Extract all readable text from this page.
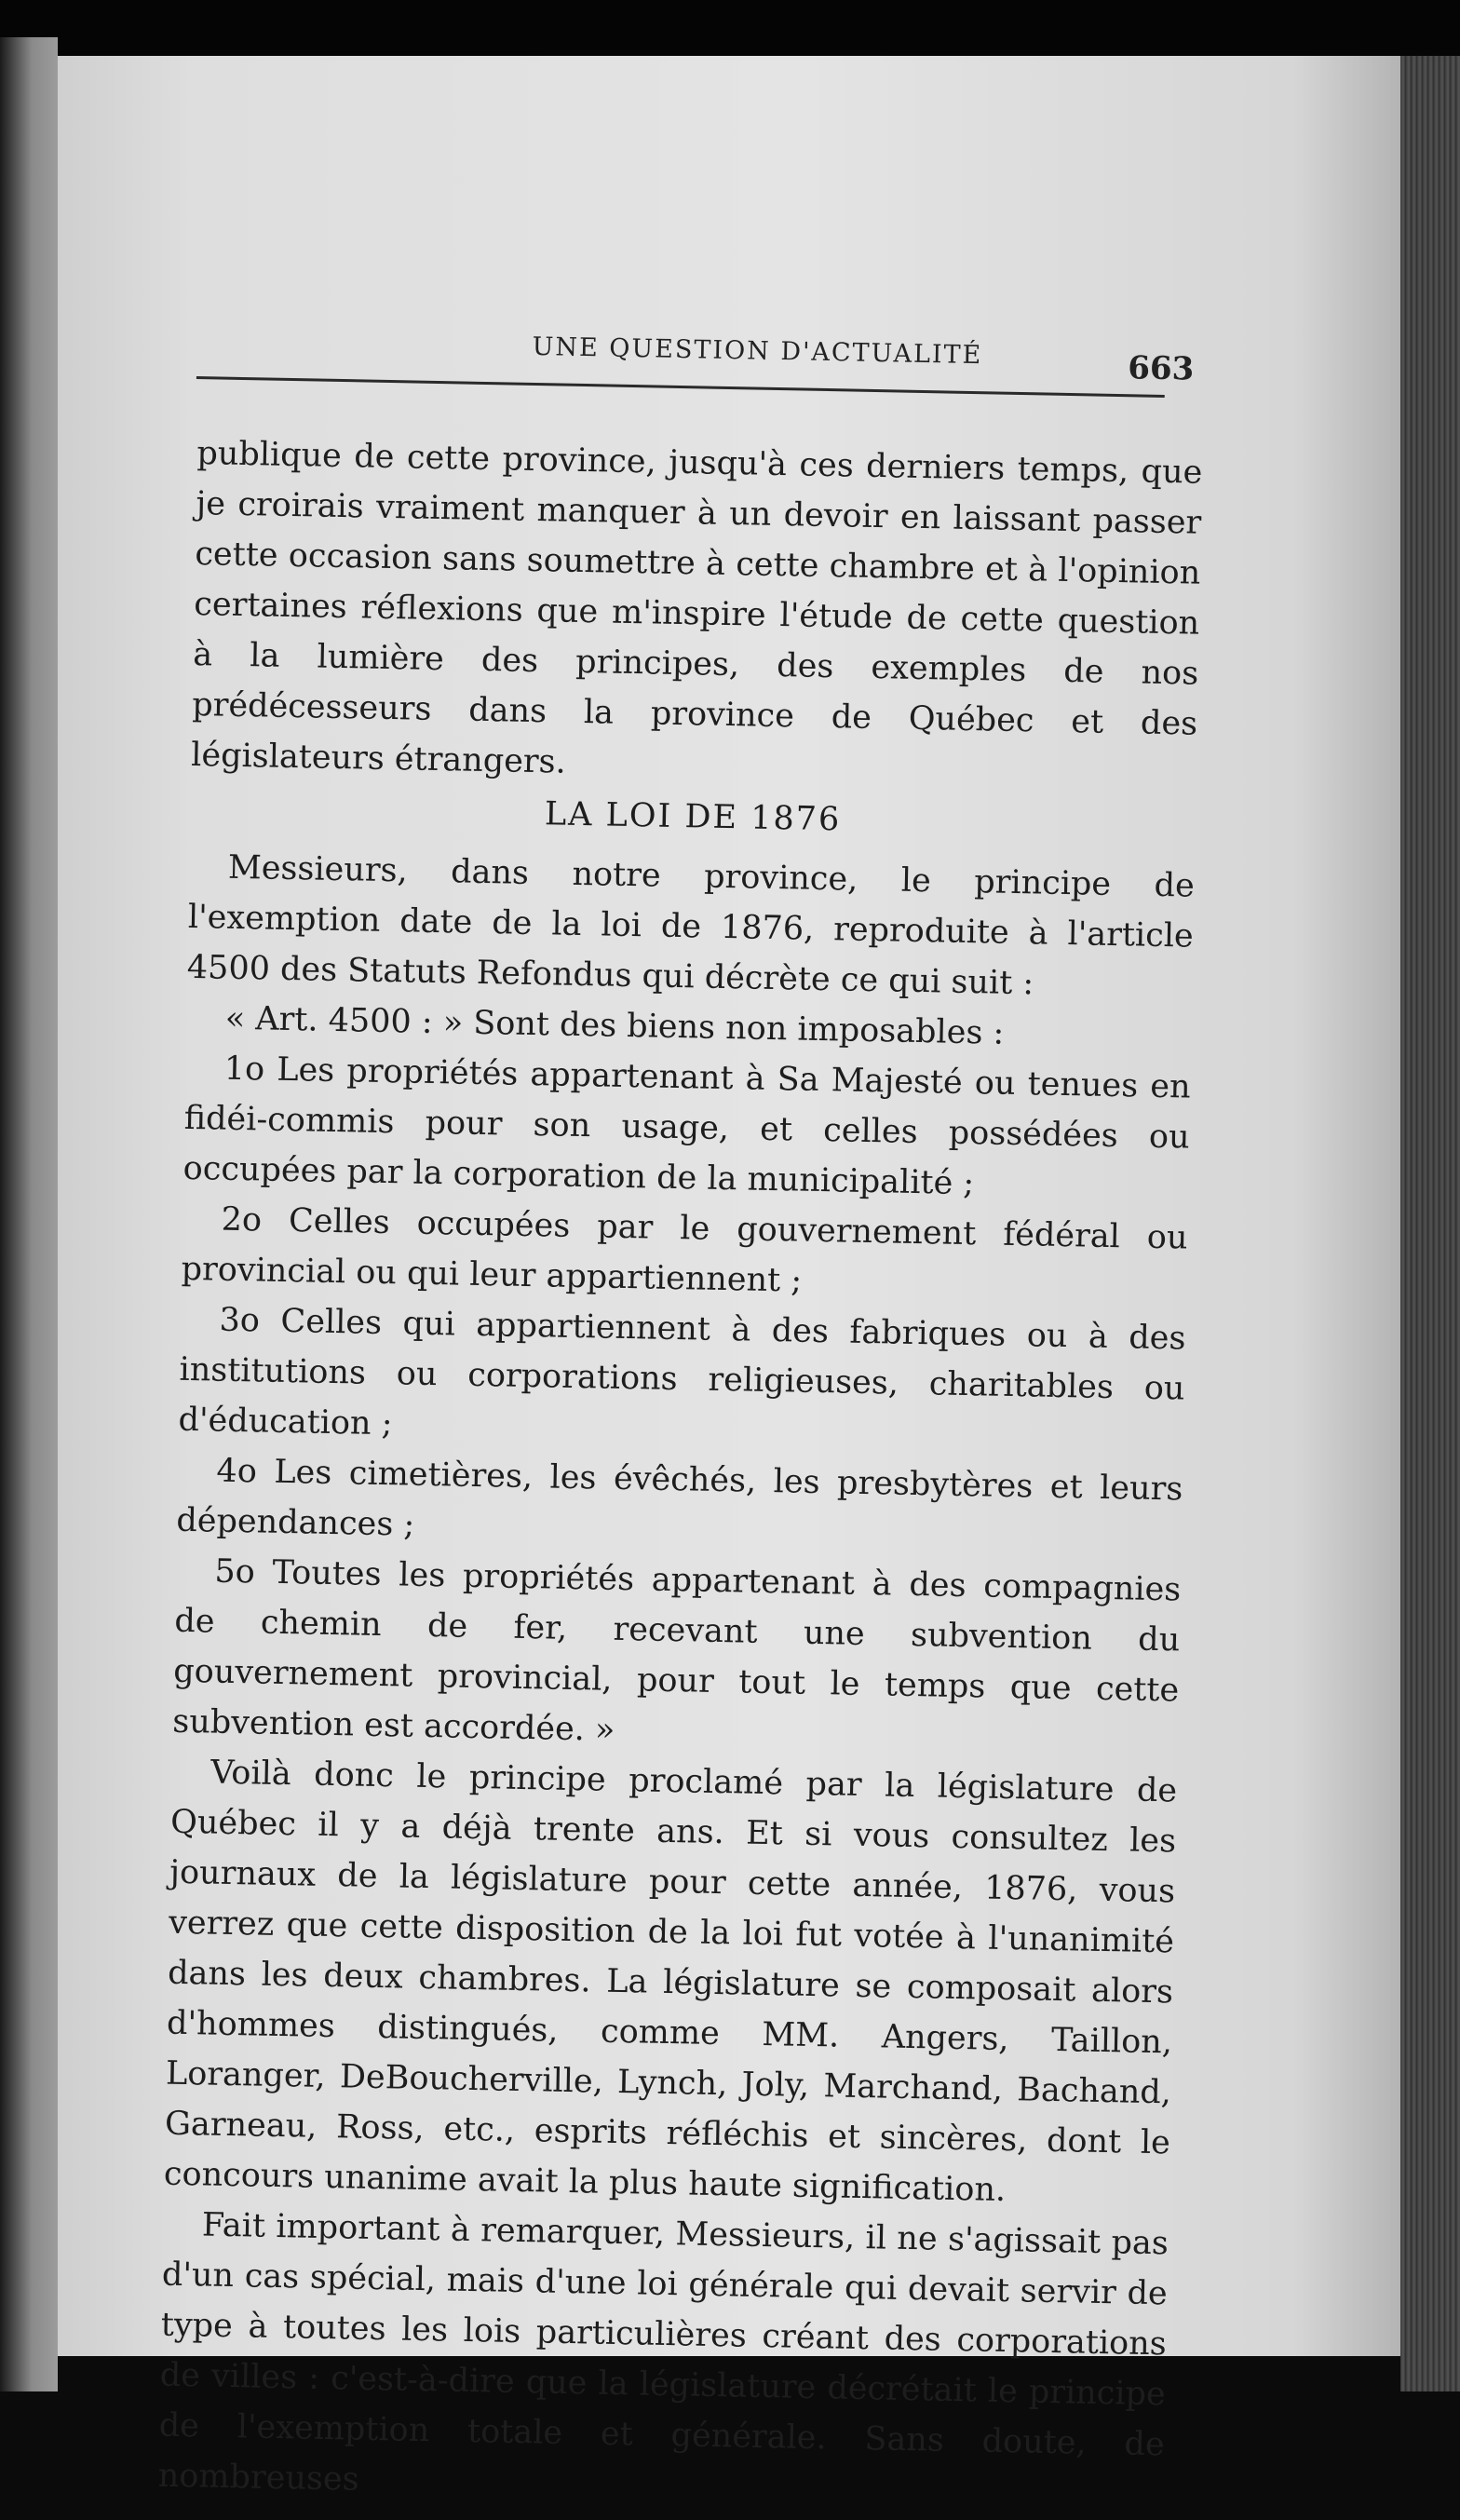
UNE QUESTION D'ACTUALITÉ	663

publique de cette province, jusqu'à ces derniers temps, que je croirais vraiment manquer à un devoir en laissant passer cette occasion sans soumettre à cette chambre et à l'opinion certaines réflexions que m'inspire l'étude de cette question à la lumière des principes, des exemples de nos prédécesseurs dans la province de Québec et des législateurs étrangers.

LA LOI DE 1876

Messieurs, dans notre province, le principe de l'exemption date de la loi de 1876, reproduite à l'article 4500 des Statuts Refondus qui décrète ce qui suit :

« Art. 4500 : » Sont des biens non imposables :

1o Les propriétés appartenant à Sa Majesté ou tenues en fidéi-commis pour son usage, et celles possédées ou occupées par la corporation de la municipalité ;

2o Celles occupées par le gouvernement fédéral ou provincial ou qui leur appartiennent ;

3o Celles qui appartiennent à des fabriques ou à des institutions ou corporations religieuses, charitables ou d'éducation ;

4o Les cimetières, les évêchés, les presbytères et leurs dépendances ;

5o Toutes les propriétés appartenant à des compagnies de chemin de fer, recevant une subvention du gouvernement provincial, pour tout le temps que cette subvention est accordée. »

Voilà donc le principe proclamé par la législature de Québec il y a déjà trente ans. Et si vous consultez les journaux de la législature pour cette année, 1876, vous verrez que cette disposition de la loi fut votée à l'unanimité dans les deux chambres. La législature se composait alors d'hommes distingués, comme MM. Angers, Taillon, Loranger, DeBoucherville, Lynch, Joly, Marchand, Bachand, Garneau, Ross, etc., esprits réfléchis et sincères, dont le concours unanime avait la plus haute signification.

Fait important à remarquer, Messieurs, il ne s'agissait pas d'un cas spécial, mais d'une loi générale qui devait servir de type à toutes les lois particulières créant des corporations de villes : c'est-à-dire que la législature décrétait le principe de l'exemption totale et générale. Sans doute, de nombreuses
